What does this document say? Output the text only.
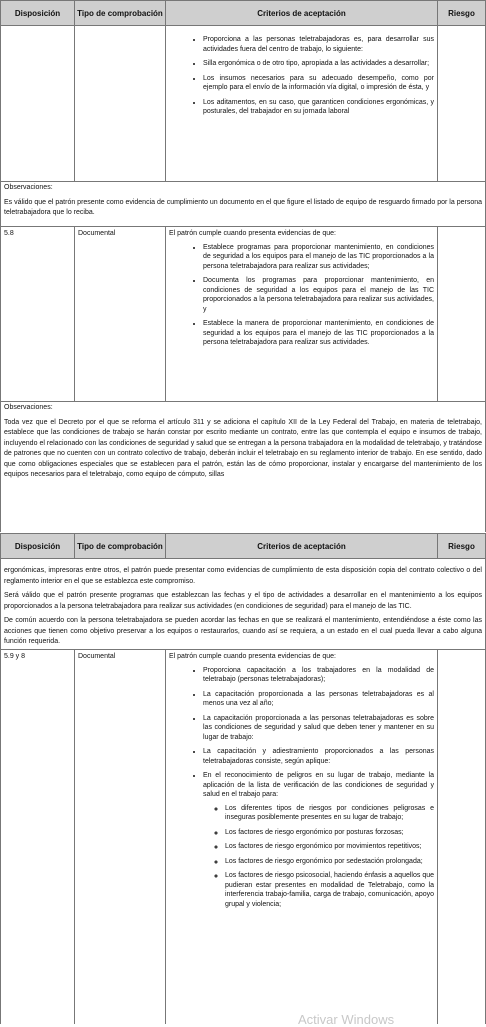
Disposición	Tipo de comprobación	Criterios de aceptación	Riesgo
• Proporciona a las personas teletrabajadoras es, para desarrollar sus actividades fuera del centro de trabajo, lo siguiente:
• Silla ergonómica o de otro tipo, apropiada a las actividades a desarrollar;
• Los insumos necesarios para su adecuado desempeño, como por ejemplo para el envío de la información vía digital, o impresión de ésta, y
• Los aditamentos, en su caso, que garanticen condiciones ergonómicas, y posturales, del trabajador en su jornada laboral

Observaciones:

Es válido que el patrón presente como evidencia de cumplimiento un documento en el que figure el listado de equipo de resguardo firmado por la persona teletrabajadora que lo reciba.

5.8	Documental	El patrón cumple cuando presenta evidencias de que:
• Establece programas para proporcionar mantenimiento, en condiciones de seguridad a los equipos para el manejo de las TIC proporcionados a la persona teletrabajadora para realizar sus actividades;
• Documenta los programas para proporcionar mantenimiento, en condiciones de seguridad a los equipos para el manejo de las TIC proporcionados a la persona teletrabajadora para realizar sus actividades, y
• Establece la manera de proporcionar mantenimiento, en condiciones de seguridad a los equipos para el manejo de las TIC proporcionados a la persona teletrabajadora para realizar sus actividades.

Observaciones:

Toda vez que el Decreto por el que se reforma el artículo 311 y se adiciona el capítulo XII de la Ley Federal del Trabajo, en materia de teletrabajo, establece que las condiciones de trabajo se harán constar por escrito mediante un contrato, entre las que contempla el equipo e insumos de trabajo, incluyendo el relacionado con las condiciones de seguridad y salud que se entregan a la persona trabajadora en la modalidad de teletrabajo, y tratándose de patrones que no cuenten con un contrato colectivo de trabajo, deberán incluir el teletrabajo en su reglamento interior de trabajo. En ese sentido, dado que como obligaciones especiales que se establecen para el patrón, están las de cómo proporcionar, instalar y encargarse del mantenimiento de los equipos necesarios para el teletrabajo, como equipo de cómputo, sillas

Disposición	Tipo de comprobación	Criterios de aceptación	Riesgo

ergonómicas, impresoras entre otros, el patrón puede presentar como evidencias de cumplimiento de esta disposición copia del contrato colectivo o del reglamento interior en el que se establezca este compromiso.

Será válido que el patrón presente programas que establezcan las fechas y el tipo de actividades a desarrollar en el mantenimiento a los equipos proporcionados a la persona teletrabajadora para realizar sus actividades (en condiciones de seguridad) para el manejo de las TIC.

De común acuerdo con la persona teletrabajadora se pueden acordar las fechas en que se realizará el mantenimiento, entendiéndose a éste como las acciones que tienen como objetivo preservar a los equipos o restaurarlos, cuando así se requiera, a un estado en el cual pueda llevar a cabo alguna función requerida.

5.9 y 8	Documental	El patrón cumple cuando presenta evidencias de que:
• Proporciona capacitación a los trabajadores en la modalidad de teletrabajo (personas teletrabajadoras);
• La capacitación proporcionada a las personas teletrabajadoras es al menos una vez al año;
• La capacitación proporcionada a las personas teletrabajadoras es sobre las condiciones de seguridad y salud que deben tener y mantener en su lugar de trabajo:
• La capacitación y adiestramiento proporcionados a las personas teletrabajadoras consiste, según aplique:
• En el reconocimiento de peligros en su lugar de trabajo, mediante la aplicación de la lista de verificación de las condiciones de seguridad y salud en el trabajo para:
◦ Los diferentes tipos de riesgos por condiciones peligrosas e inseguras posiblemente presentes en su lugar de trabajo;
◦ Los factores de riesgo ergonómico por posturas forzosas;
◦ Los factores de riesgo ergonómico por movimientos repetitivos;
◦ Los factores de riesgo ergonómico por sedestación prolongada;
◦ Los factores de riesgo psicosocial, haciendo énfasis a aquellos que pudieran estar presentes en modalidad de Teletrabajo, como la interferencia trabajo-familia, carga de trabajo, comunicación, apoyo grupal y violencia;
Activar Windows
